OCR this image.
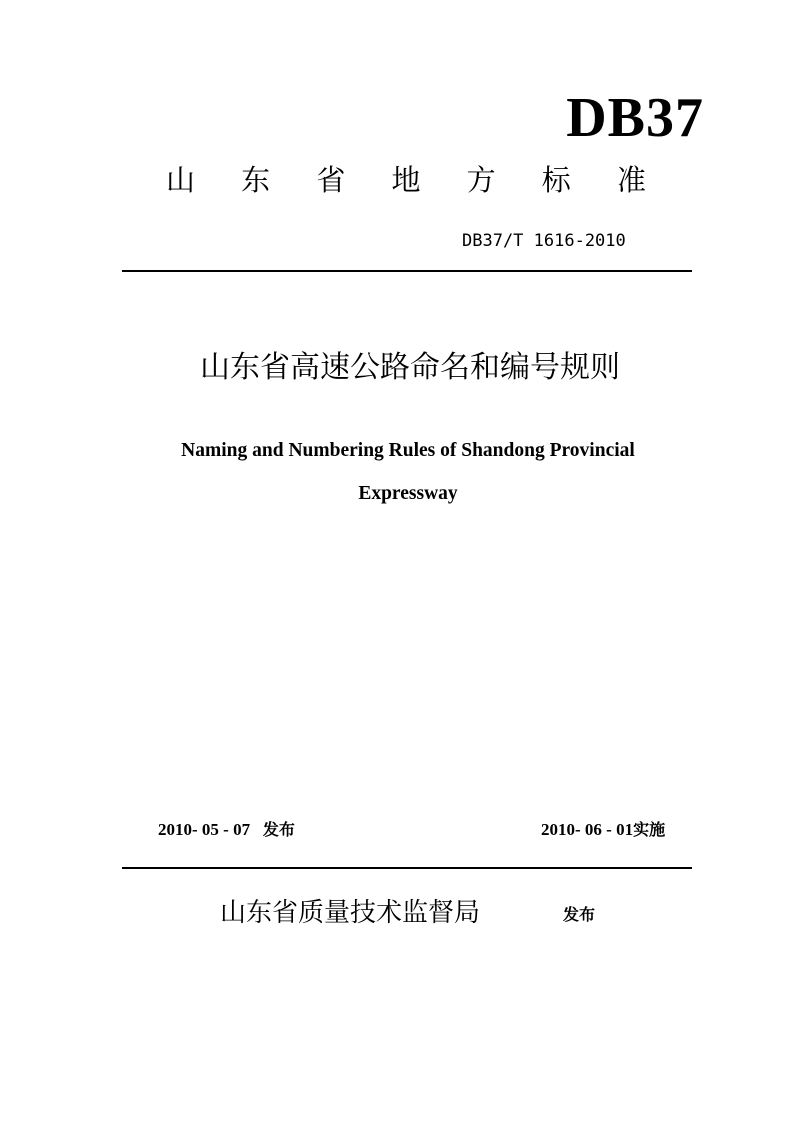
DB37
山 东 省 地 方 标 准
DB37/T 1616-2010
山东省高速公路命名和编号规则
Naming and Numbering Rules of Shandong Provincial
Expressway
2010- 05 - 07 发布	2010- 06 - 01实施
山东省质量技术监督局	发布
